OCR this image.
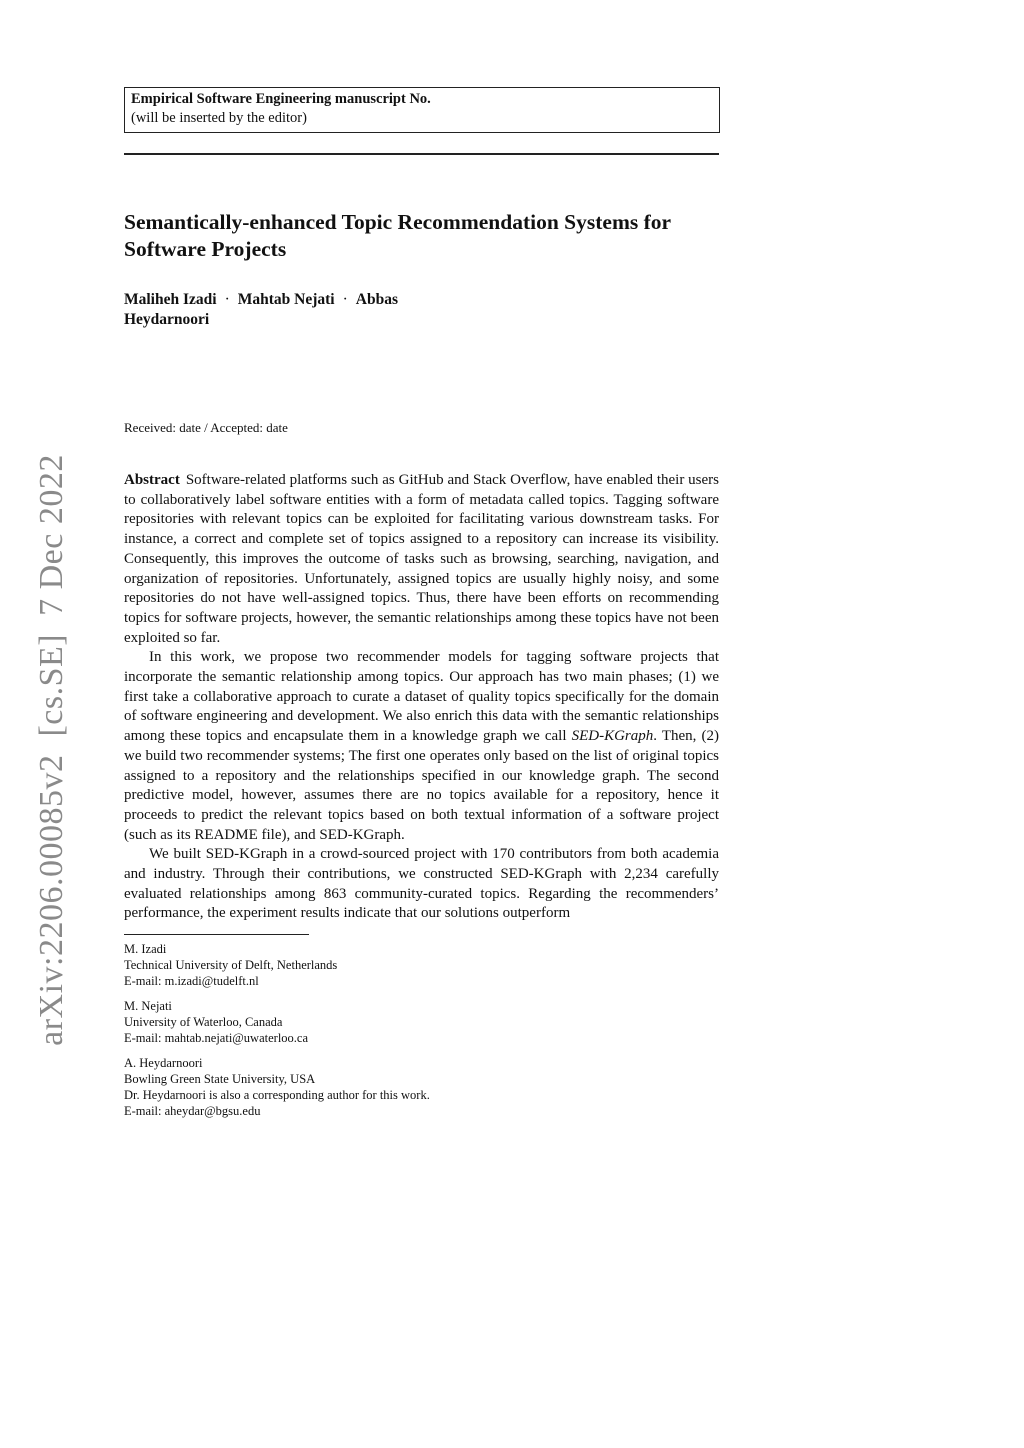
Empirical Software Engineering manuscript No.
(will be inserted by the editor)
Semantically-enhanced Topic Recommendation Systems for
Software Projects
Maliheh Izadi · Mahtab Nejati · Abbas
Heydarnoori
Received: date / Accepted: date

Abstract Software-related platforms such as GitHub and Stack Overflow, have enabled their users to collaboratively label software entities with a form of metadata called topics. Tagging software repositories with relevant topics can be exploited for facilitating various downstream tasks. For instance, a correct and complete set of topics assigned to a repository can increase its visibility. Consequently, this improves the outcome of tasks such as browsing, searching, navigation, and organization of repositories. Unfortunately, assigned topics are usually highly noisy, and some repositories do not have well-assigned topics. Thus, there have been efforts on recommending topics for software projects, however, the semantic relationships among these topics have not been exploited so far.

In this work, we propose two recommender models for tagging software projects that incorporate the semantic relationship among topics. Our approach has two main phases; (1) we first take a collaborative approach to curate a dataset of quality topics specifically for the domain of software engineering and development. We also enrich this data with the semantic relationships among these topics and encapsulate them in a knowledge graph we call SED-KGraph. Then, (2) we build two recommender systems; The first one operates only based on the list of original topics assigned to a repository and the relationships specified in our knowledge graph. The second predictive model, however, assumes there are no topics available for a repository, hence it proceeds to predict the relevant topics based on both textual information of a software project (such as its README file), and SED-KGraph.

We built SED-KGraph in a crowd-sourced project with 170 contributors from both academia and industry. Through their contributions, we constructed SED-KGraph with 2,234 carefully evaluated relationships among 863 community-curated topics. Regarding the recommenders’ performance, the experiment results indicate that our solutions outperform

M. Izadi
Technical University of Delft, Netherlands
E-mail: m.izadi@tudelft.nl
M. Nejati
University of Waterloo, Canada
E-mail: mahtab.nejati@uwaterloo.ca
A. Heydarnoori
Bowling Green State University, USA
Dr. Heydarnoori is also a corresponding author for this work.
E-mail: aheydar@bgsu.edu
arXiv:2206.00085v2[cs.SE]7 Dec 2022
